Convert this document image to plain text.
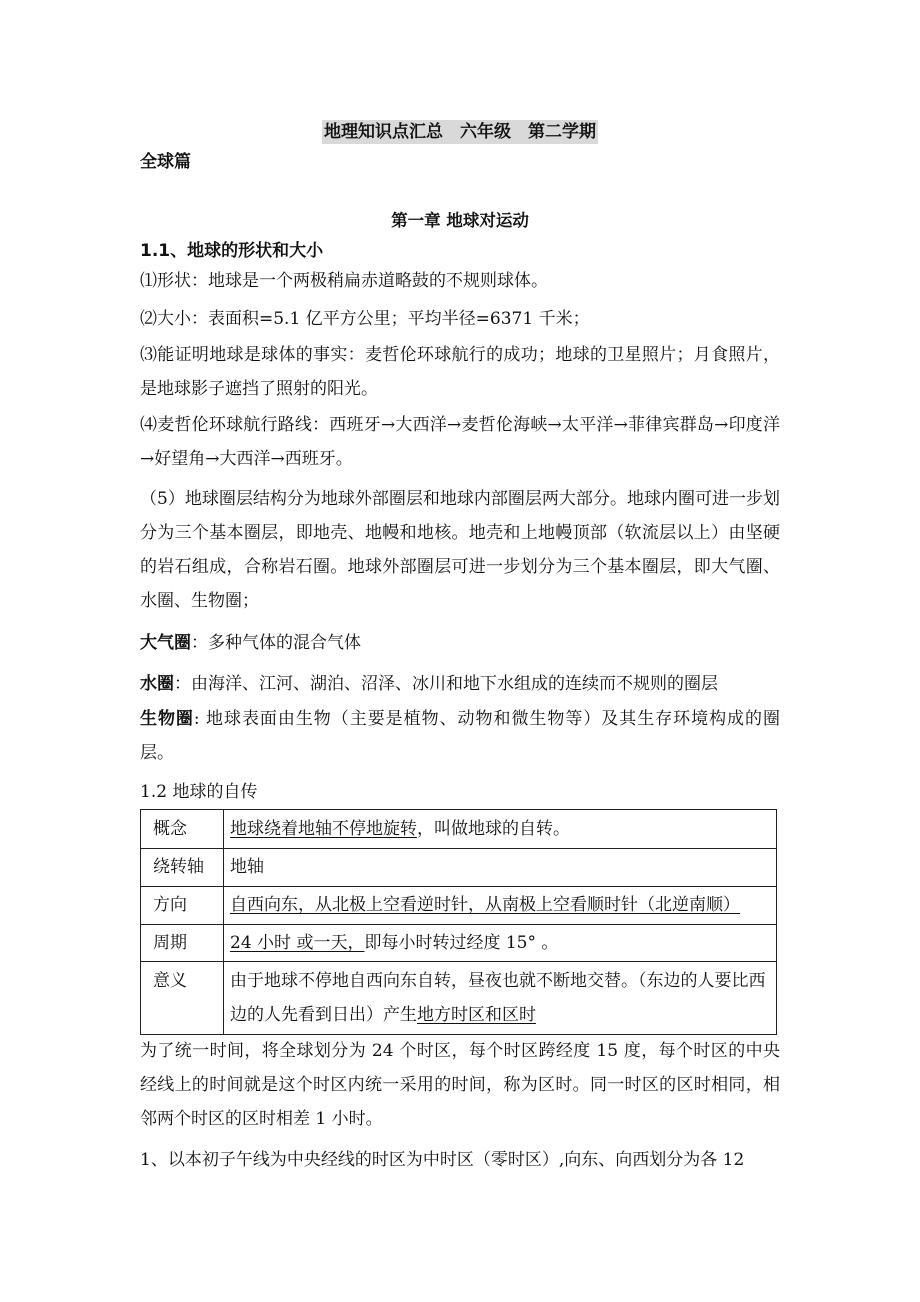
地理知识点汇总　六年级　第二学期
全球篇
第一章 地球对运动
1.1、地球的形状和大小
⑴形状：地球是一个两极稍扁赤道略鼓的不规则球体。
⑵大小：表面积=5.1 亿平方公里；平均半径=6371 千米；
⑶能证明地球是球体的事实：麦哲伦环球航行的成功；地球的卫星照片；月食照片，是地球影子遮挡了照射的阳光。
⑷麦哲伦环球航行路线：西班牙→大西洋→麦哲伦海峡→太平洋→菲律宾群岛→印度洋→好望角→大西洋→西班牙。
（5）地球圈层结构分为地球外部圈层和地球内部圈层两大部分。地球内圈可进一步划分为三个基本圈层，即地壳、地幔和地核。地壳和上地幔顶部（软流层以上）由坚硬的岩石组成，合称岩石圈。地球外部圈层可进一步划分为三个基本圈层，即大气圈、水圈、生物圈；
大气圈：多种气体的混合气体
水圈：由海洋、江河、湖泊、沼泽、冰川和地下水组成的连续而不规则的圈层
生物圈: 地球表面由生物（主要是植物、动物和微生物等）及其生存环境构成的圈层。
1.2 地球的自传
概念	地球绕着地轴不停地旋转，叫做地球的自转。
绕转轴	地轴
方向	自西向东，从北极上空看逆时针，从南极上空看顺时针（北逆南顺）
周期	24 小时 或一天，即每小时转过经度 15° 。
意义	由于地球不停地自西向东自转，昼夜也就不断地交替。（东边的人要比西边的人先看到日出）产生地方时区和区时
为了统一时间，将全球划分为 24 个时区，每个时区跨经度 15 度，每个时区的中央经线上的时间就是这个时区内统一采用的时间，称为区时。同一时区的区时相同，相邻两个时区的区时相差 1 小时。
1、以本初子午线为中央经线的时区为中时区（零时区）,向东、向西划分为各 12
